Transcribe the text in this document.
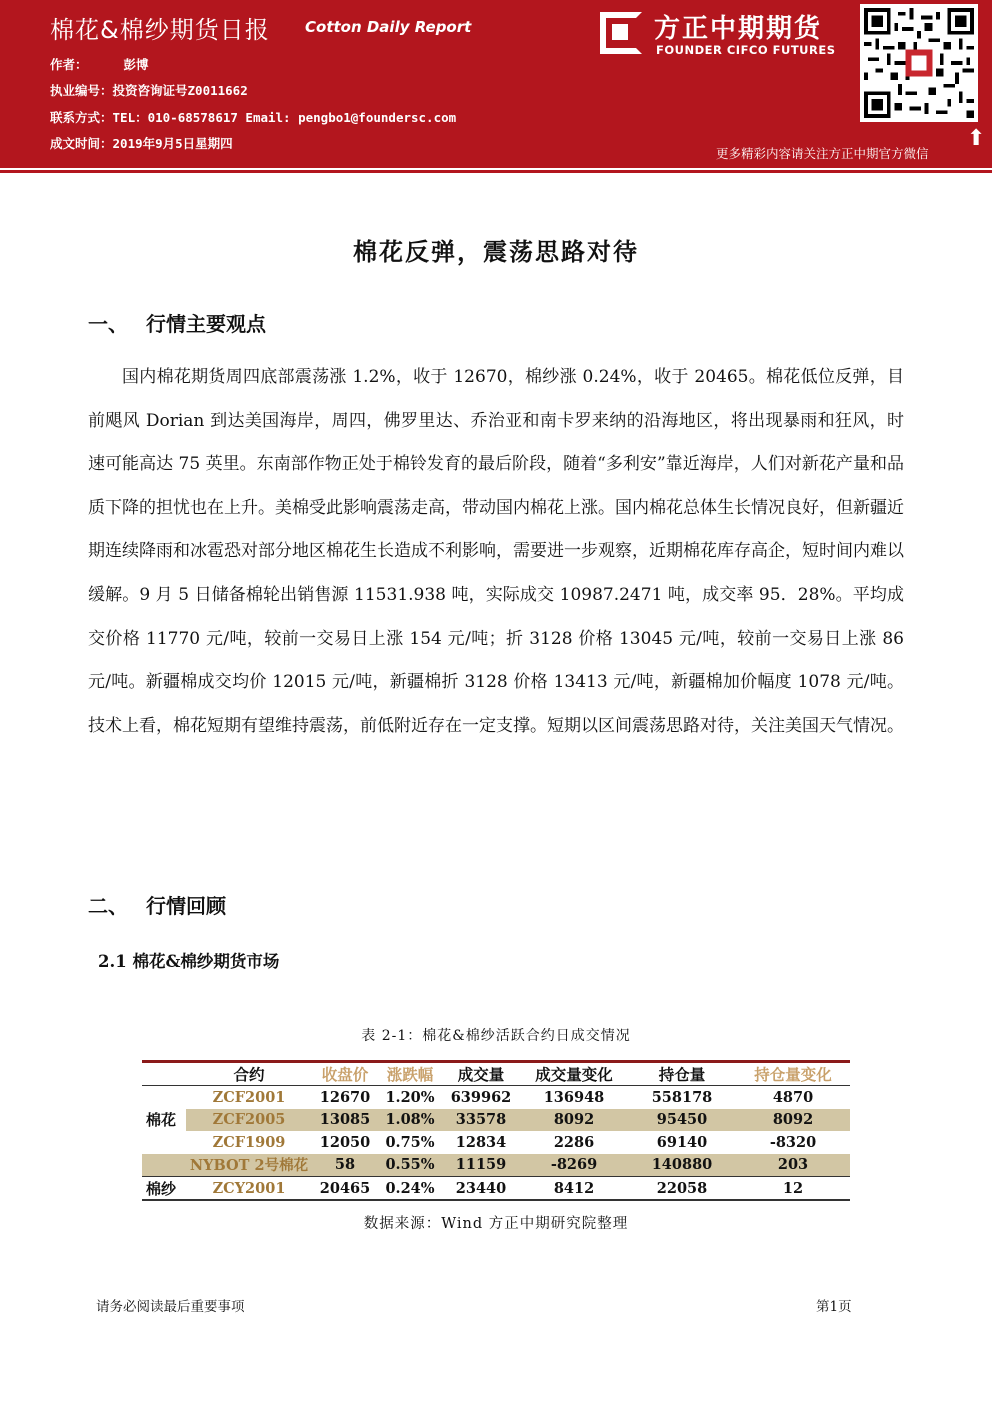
棉花&棉纱期货日报 Cotton Daily Report
作者：	彭博
执业编号：投资咨询证号Z0011662
联系方式：TEL：010-68578617 Email: pengbo1@foundersc.com
成文时间：2019年9月5日星期四
方正中期期货
FOUNDER CIFCO FUTURES
更多精彩内容请关注方正中期官方微信
⬆
棉花反弹，震荡思路对待
一、 行情主要观点
国内棉花期货周四底部震荡涨 1.2%，收于 12670，棉纱涨 0.24%，收于 20465。棉花低位反弹，目前飓风 Dorian 到达美国海岸，周四，佛罗里达、乔治亚和南卡罗来纳的沿海地区，将出现暴雨和狂风，时速可能高达 75 英里。东南部作物正处于棉铃发育的最后阶段，随着“多利安”靠近海岸，人们对新花产量和品质下降的担忧也在上升。美棉受此影响震荡走高，带动国内棉花上涨。国内棉花总体生长情况良好，但新疆近期连续降雨和冰雹恐对部分地区棉花生长造成不利影响，需要进一步观察，近期棉花库存高企，短时间内难以缓解。9 月 5 日储备棉轮出销售源 11531.938 吨，实际成交 10987.2471 吨，成交率 95．28%。平均成交价格 11770 元/吨，较前一交易日上涨 154 元/吨；折 3128 价格 13045 元/吨，较前一交易日上涨 86 元/吨。新疆棉成交均价 12015 元/吨，新疆棉折 3128 价格 13413 元/吨，新疆棉加价幅度 1078 元/吨。技术上看，棉花短期有望维持震荡，前低附近存在一定支撑。短期以区间震荡思路对待，关注美国天气情况。
二、 行情回顾
2.1 棉花&棉纱期货市场
表 2-1：棉花&棉纱活跃合约日成交情况
	合约	收盘价	涨跌幅	成交量	成交量变化	持仓量	持仓量变化
棉花	ZCF2001	12670	1.20%	639962	136948	558178	4870
	ZCF2005	13085	1.08%	33578	8092	95450	8092
	ZCF1909	12050	0.75%	12834	2286	69140	-8320
	NYBOT 2号棉花	58	0.55%	11159	-8269	140880	203
棉纱	ZCY2001	20465	0.24%	23440	8412	22058	12
数据来源：Wind 方正中期研究院整理
请务必阅读最后重要事项	第1页
